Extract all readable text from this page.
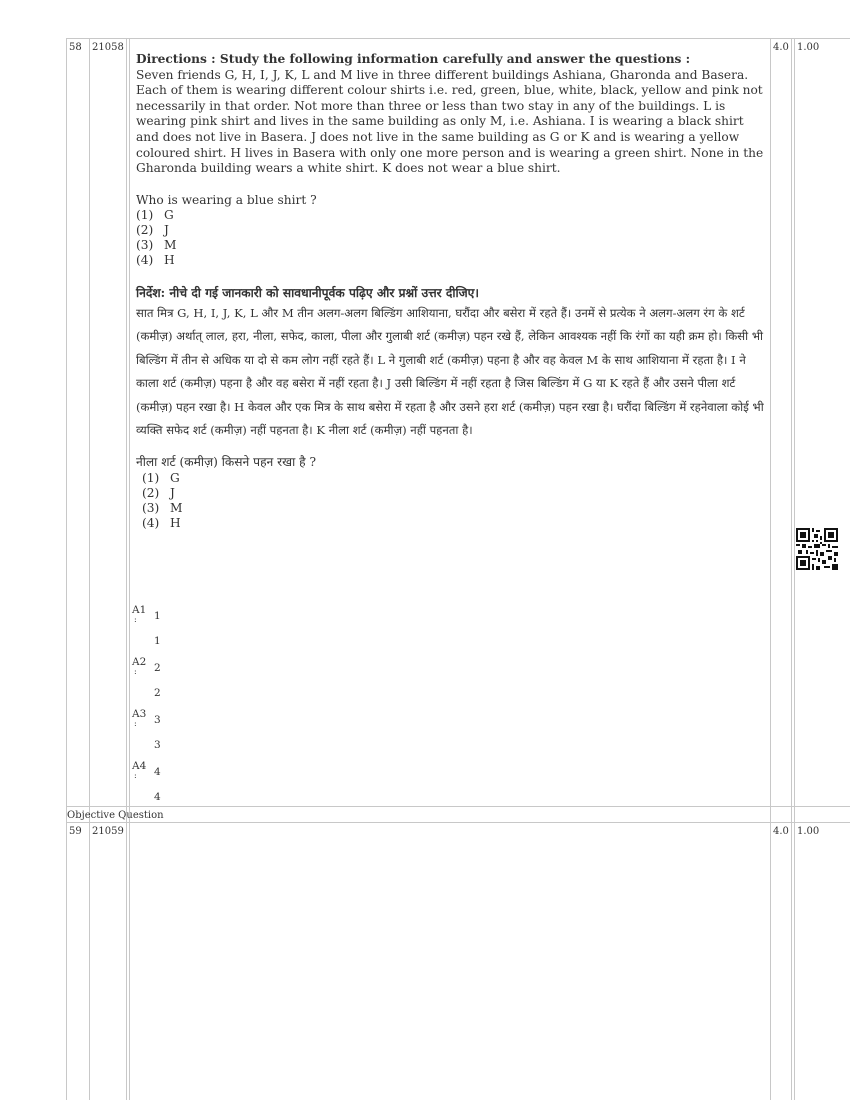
58 21058	4.0 1.00
Directions : Study the following information carefully and answer the questions :

Seven friends G, H, I, J, K, L and M live in three different buildings Ashiana, Gharonda and Basera. Each of them is wearing different colour shirts i.e. red, green, blue, white, black, yellow and pink not necessarily in that order. Not more than three or less than two stay in any of the buildings. L is wearing pink shirt and lives in the same building as only M, i.e. Ashiana. I is wearing a black shirt and does not live in Basera. J does not live in the same building as G or K and is wearing a yellow coloured shirt. H lives in Basera with only one more person and is wearing a green shirt. None in the Gharonda building wears a white shirt. K does not wear a blue shirt.

Who is wearing a blue shirt ?
(1) G
(2) J
(3) M
(4) H
निर्देश: नीचे दी गई जानकारी को सावधानीपूर्वक पढ़िए और प्रश्नों उत्तर दीजिए।

सात मित्र G, H, I, J, K, L और M तीन अलग-अलग बिल्डिंग आशियाना, घरौंदा और बसेरा में रहते हैं। उनमें से प्रत्येक ने अलग-अलग रंग के शर्ट (कमीज़) अर्थात् लाल, हरा, नीला, सफेद, काला, पीला और गुलाबी शर्ट (कमीज़) पहन रखे हैं, लेकिन आवश्यक नहीं कि रंगों का यही क्रम हो। किसी भी बिल्डिंग में तीन से अधिक या दो से कम लोग नहीं रहते हैं। L ने गुलाबी शर्ट (कमीज़) पहना है और वह केवल M के साथ आशियाना में रहता है। I ने काला शर्ट (कमीज़) पहना है और वह बसेरा में नहीं रहता है। J उसी बिल्डिंग में नहीं रहता है जिस बिल्डिंग में G या K रहते हैं और उसने पीला शर्ट (कमीज़) पहन रखा है। H केवल और एक मित्र के साथ बसेरा में रहता है और उसने हरा शर्ट (कमीज़) पहन रखा है। घरौंदा बिल्डिंग में रहनेवाला कोई भी व्यक्ति सफेद शर्ट (कमीज़) नहीं पहनता है। K नीला शर्ट (कमीज़) नहीं पहनता है।

नीला शर्ट (कमीज़) किसने पहन रखा है ?
(1) G
(2) J
(3) M
(4) H
A1
: 1
1
A2
: 2
2
A3
: 3
3
A4
: 4
4
Objective Question
59 21059	4.0 1.00
